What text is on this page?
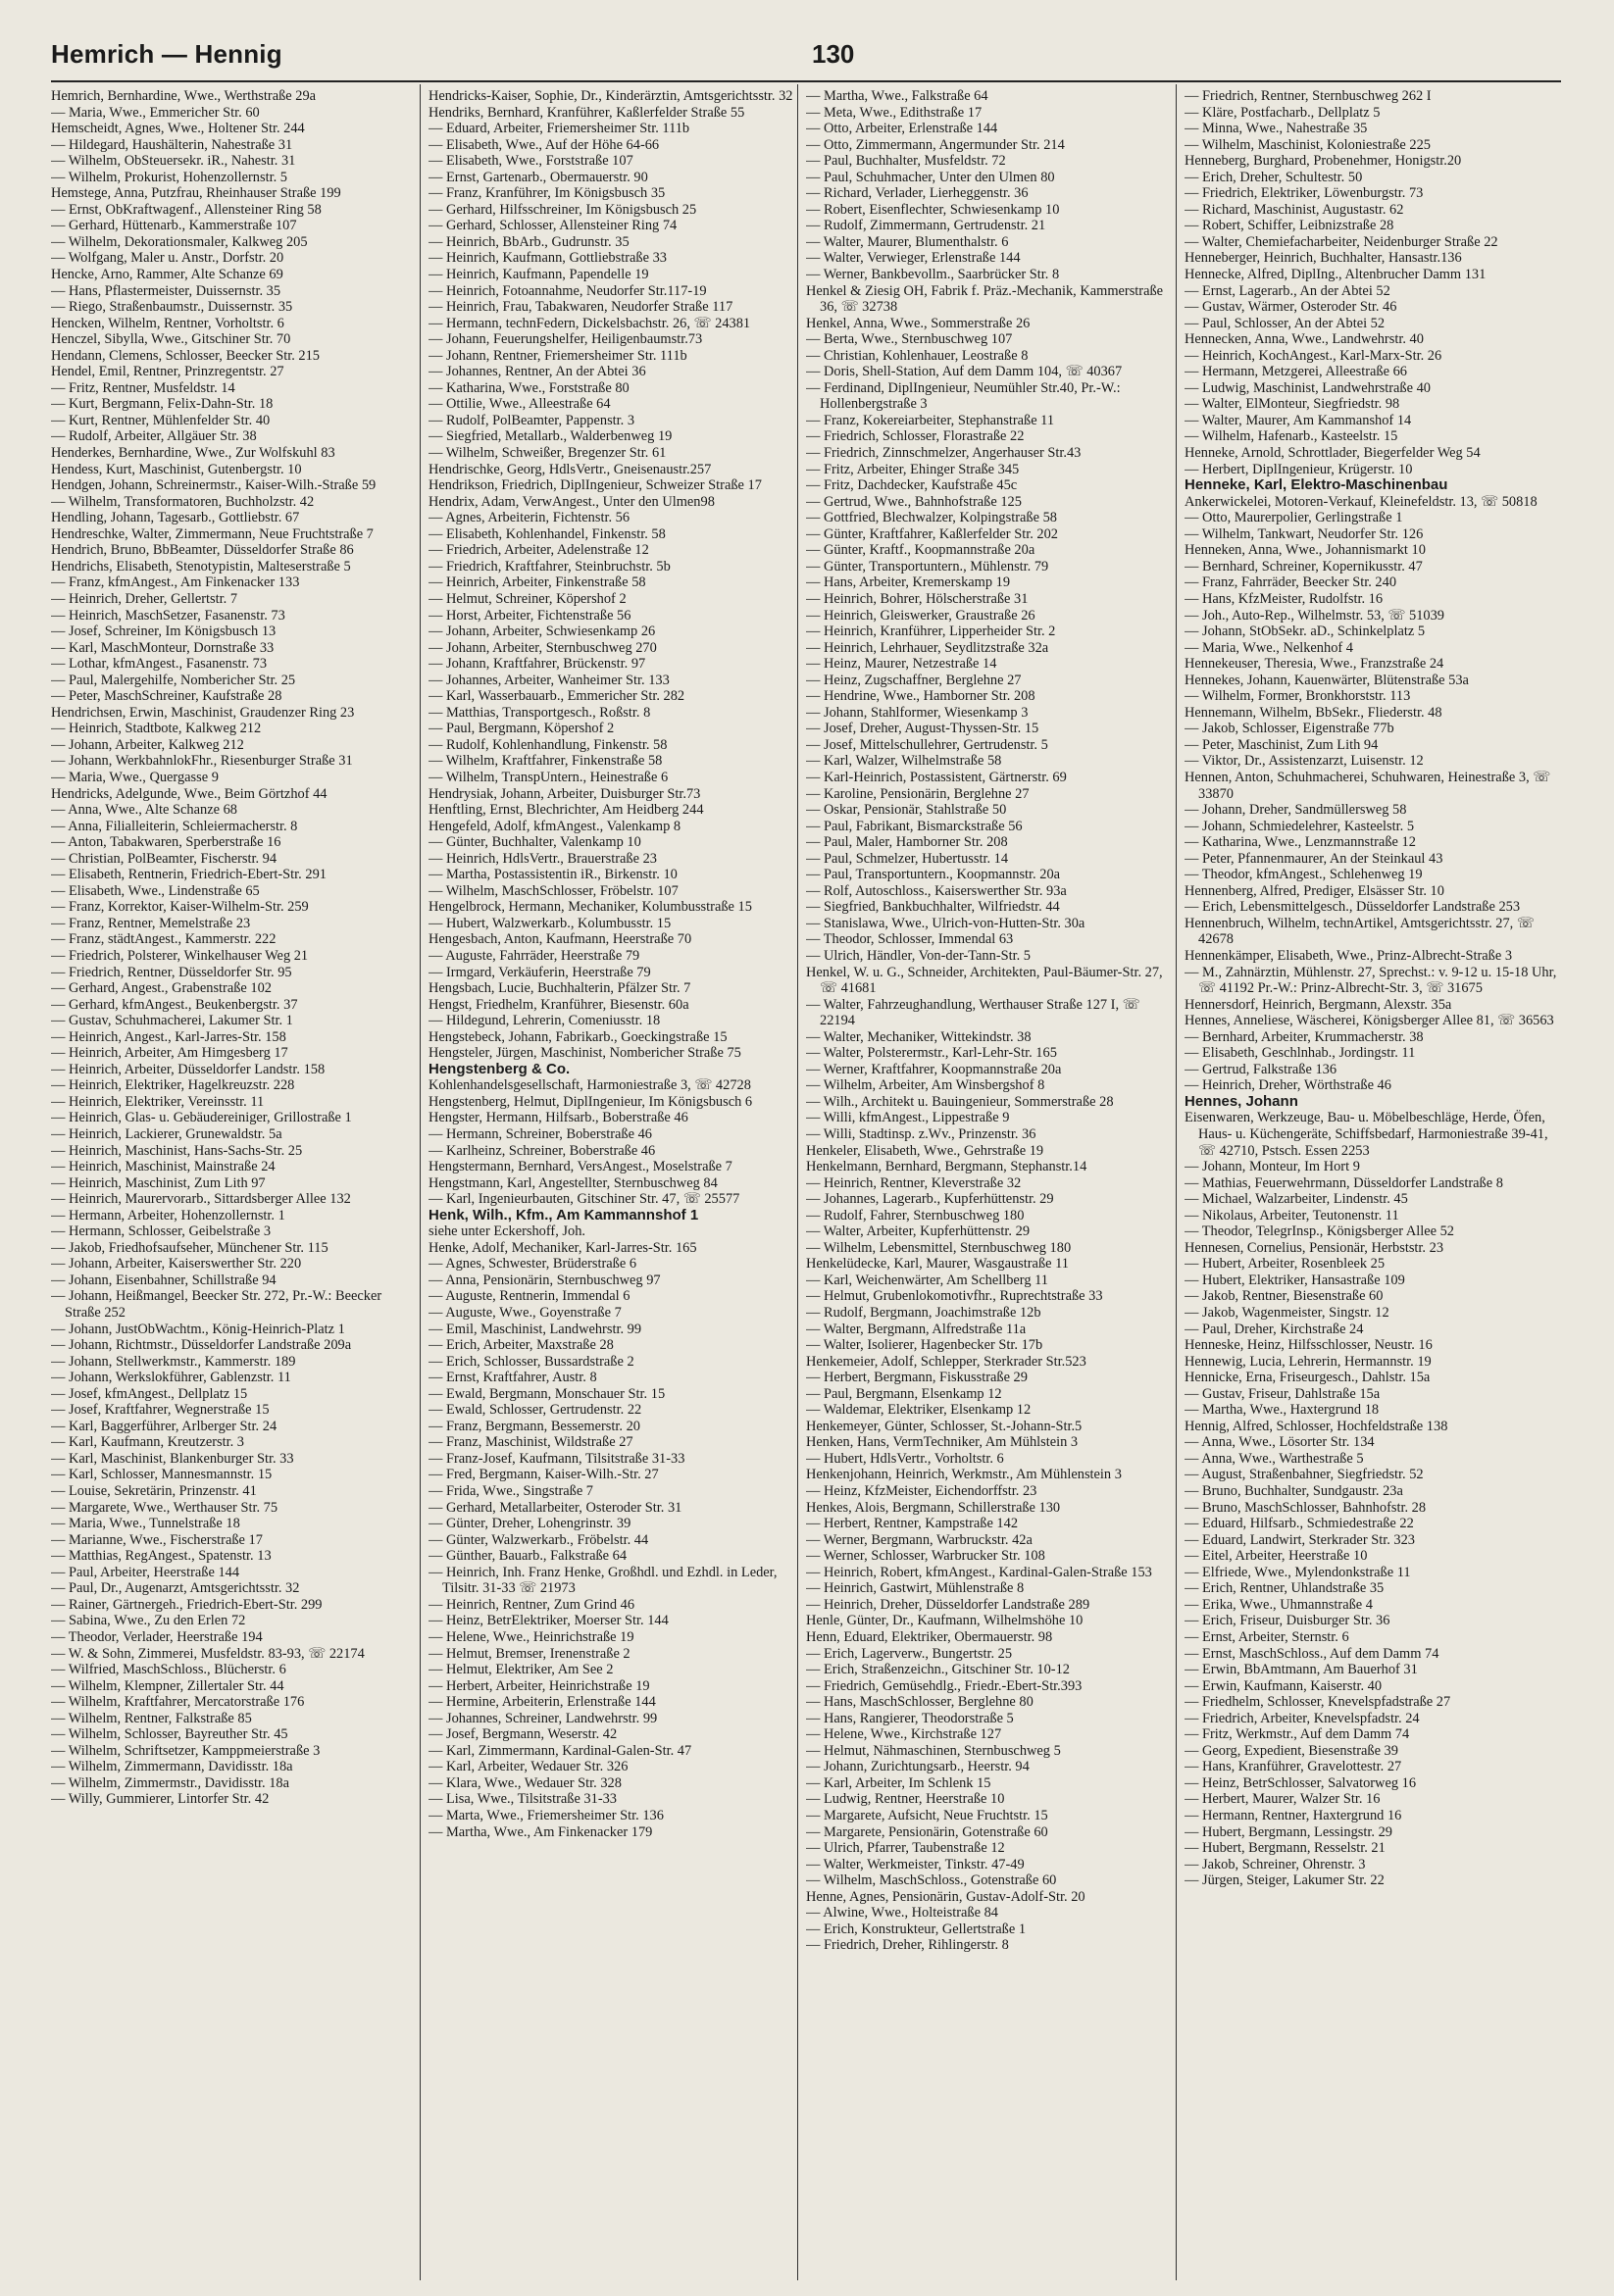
Hemrich — Hennig	130
Hemrich, Bernhardine, Wwe., Werthstraße 29a
— Maria, Wwe., Emmericher Str. 60
Hemscheidt, Agnes, Wwe., Holtener Str. 244
— Hildegard, Haushälterin, Nahestraße 31
— Wilhelm, ObSteuersekr. iR., Nahestr. 31
— Wilhelm, Prokurist, Hohenzollernstr. 5
Hemstege, Anna, Putzfrau, Rheinhauser Straße 199
— Ernst, ObKraftwagenf., Allensteiner Ring 58
— Gerhard, Hüttenarb., Kammerstraße 107
— Wilhelm, Dekorationsmaler, Kalkweg 205
— Wolfgang, Maler u. Anstr., Dorfstr. 20
Hencke, Arno, Rammer, Alte Schanze 69
— Hans, Pflastermeister, Duissernstr. 35
— Riego, Straßenbaumstr., Duissernstr. 35
Hencken, Wilhelm, Rentner, Vorholtstr. 6
Henczel, Sibylla, Wwe., Gitschiner Str. 70
Hendann, Clemens, Schlosser, Beecker Str. 215
Hendel, Emil, Rentner, Prinzregentstr. 27
— Fritz, Rentner, Musfeldstr. 14
— Kurt, Bergmann, Felix-Dahn-Str. 18
— Kurt, Rentner, Mühlenfelder Str. 40
— Rudolf, Arbeiter, Allgäuer Str. 38
Henderkes, Bernhardine, Wwe., Zur Wolfskuhl 83
Hendess, Kurt, Maschinist, Gutenbergstr. 10
Hendgen, Johann, Schreinermstr., Kaiser-Wilh.-Straße 59
— Wilhelm, Transformatoren, Buchholzstr. 42
Hendling, Johann, Tagesarb., Gottliebstr. 67
Hendreschke, Walter, Zimmermann, Neue Fruchtstraße 7
Hendrich, Bruno, BbBeamter, Düsseldorfer Straße 86
Hendrichs, Elisabeth, Stenotypistin, Malteserstraße 5
— Franz, kfmAngest., Am Finkenacker 133
— Heinrich, Dreher, Gellertstr. 7
— Heinrich, MaschSetzer, Fasanenstr. 73
— Josef, Schreiner, Im Königsbusch 13
— Karl, MaschMonteur, Dornstraße 33
— Lothar, kfmAngest., Fasanenstr. 73
— Paul, Malergehilfe, Nombericher Str. 25
— Peter, MaschSchreiner, Kaufstraße 28
Hendrichsen, Erwin, Maschinist, Graudenzer Ring 23
— Heinrich, Stadtbote, Kalkweg 212
— Johann, Arbeiter, Kalkweg 212
— Johann, WerkbahnlokFhr., Riesenburger Straße 31
— Maria, Wwe., Quergasse 9
Hendricks, Adelgunde, Wwe., Beim Görtzhof 44
— Anna, Wwe., Alte Schanze 68
— Anna, Filialleiterin, Schleiermacherstr. 8
— Anton, Tabakwaren, Sperberstraße 16
— Christian, PolBeamter, Fischerstr. 94
— Elisabeth, Rentnerin, Friedrich-Ebert-Str. 291
— Elisabeth, Wwe., Lindenstraße 65
— Franz, Korrektor, Kaiser-Wilhelm-Str. 259
— Franz, Rentner, Memelstraße 23
— Franz, städtAngest., Kammerstr. 222
— Friedrich, Polsterer, Winkelhauser Weg 21
— Friedrich, Rentner, Düsseldorfer Str. 95
— Gerhard, Angest., Grabenstraße 102
— Gerhard, kfmAngest., Beukenbergstr. 37
— Gustav, Schuhmacherei, Lakumer Str. 1
— Heinrich, Angest., Karl-Jarres-Str. 158
— Heinrich, Arbeiter, Am Himgesberg 17
— Heinrich, Arbeiter, Düsseldorfer Landstr. 158
— Heinrich, Elektriker, Hagelkreuzstr. 228
— Heinrich, Elektriker, Vereinsstr. 11
— Heinrich, Glas- u. Gebäudereiniger, Grillostraße 1
— Heinrich, Lackierer, Grunewaldstr. 5a
— Heinrich, Maschinist, Hans-Sachs-Str. 25
— Heinrich, Maschinist, Mainstraße 24
— Heinrich, Maschinist, Zum Lith 97
— Heinrich, Maurervorarb., Sittardsberger Allee 132
— Hermann, Arbeiter, Hohenzollernstr. 1
— Hermann, Schlosser, Geibelstraße 3
— Jakob, Friedhofsaufseher, Münchener Str. 115
— Johann, Arbeiter, Kaiserswerther Str. 220
— Johann, Eisenbahner, Schillstraße 94
— Johann, Heißmangel, Beecker Str. 272, Pr.-W.: Beecker Straße 252
— Johann, JustObWachtm., König-Heinrich-Platz 1
— Johann, Richtmstr., Düsseldorfer Landstraße 209a
— Johann, Stellwerkmstr., Kammerstr. 189
— Johann, Werkslokführer, Gablenzstr. 11
— Josef, kfmAngest., Dellplatz 15
— Josef, Kraftfahrer, Wegnerstraße 15
— Karl, Baggerführer, Arlberger Str. 24
— Karl, Kaufmann, Kreutzerstr. 3
— Karl, Maschinist, Blankenburger Str. 33
— Karl, Schlosser, Mannesmannstr. 15
— Louise, Sekretärin, Prinzenstr. 41
— Margarete, Wwe., Werthauser Str. 75
— Maria, Wwe., Tunnelstraße 18
— Marianne, Wwe., Fischerstraße 17
— Matthias, RegAngest., Spatenstr. 13
— Paul, Arbeiter, Heerstraße 144
— Paul, Dr., Augenarzt, Amtsgerichtsstr. 32
— Rainer, Gärtnergeh., Friedrich-Ebert-Str. 299
— Sabina, Wwe., Zu den Erlen 72
— Theodor, Verlader, Heerstraße 194
— W. & Sohn, Zimmerei, Musfeldstr. 83-93, ☏ 22174
— Wilfried, MaschSchloss., Blücherstr. 6
— Wilhelm, Klempner, Zillertaler Str. 44
— Wilhelm, Kraftfahrer, Mercatorstraße 176
— Wilhelm, Rentner, Falkstraße 85
— Wilhelm, Schlosser, Bayreuther Str. 45
— Wilhelm, Schriftsetzer, Kamppmeierstraße 3
— Wilhelm, Zimmermann, Davidisstr. 18a
— Wilhelm, Zimmermstr., Davidisstr. 18a
— Willy, Gummierer, Lintorfer Str. 42
Hendricks-Kaiser, Sophie, Dr., Kinderärztin, Amtsgerichtsstr. 32
Hendriks, Bernhard, Kranführer, Kaßlerfelder Straße 55
— Eduard, Arbeiter, Friemersheimer Str. 111b
— Elisabeth, Wwe., Auf der Höhe 64-66
— Elisabeth, Wwe., Forststraße 107
— Ernst, Gartenarb., Obermauerstr. 90
— Franz, Kranführer, Im Königsbusch 35
— Gerhard, Hilfsschreiner, Im Königsbusch 25
— Gerhard, Schlosser, Allensteiner Ring 74
— Heinrich, BbArb., Gudrunstr. 35
— Heinrich, Kaufmann, Gottliebstraße 33
— Heinrich, Kaufmann, Papendelle 19
— Heinrich, Fotoannahme, Neudorfer Str.117-19
— Heinrich, Frau, Tabakwaren, Neudorfer Straße 117
— Hermann, technFedern, Dickelsbachstr. 26, ☏ 24381
— Johann, Feuerungshelfer, Heiligenbaumstr.73
— Johann, Rentner, Friemersheimer Str. 111b
— Johannes, Rentner, An der Abtei 36
— Katharina, Wwe., Forststraße 80
— Ottilie, Wwe., Alleestraße 64
— Rudolf, PolBeamter, Pappenstr. 3
— Siegfried, Metallarb., Walderbenweg 19
— Wilhelm, Schweißer, Bregenzer Str. 61
Hendrischke, Georg, HdlsVertr., Gneisenaustr.257
Hendrikson, Friedrich, DiplIngenieur, Schweizer Straße 17
Hendrix, Adam, VerwAngest., Unter den Ulmen98
— Agnes, Arbeiterin, Fichtenstr. 56
— Elisabeth, Kohlenhandel, Finkenstr. 58
— Friedrich, Arbeiter, Adelenstraße 12
— Friedrich, Kraftfahrer, Steinbruchstr. 5b
— Heinrich, Arbeiter, Finkenstraße 58
— Helmut, Schreiner, Köpershof 2
— Horst, Arbeiter, Fichtenstraße 56
— Johann, Arbeiter, Schwiesenkamp 26
— Johann, Arbeiter, Sternbuschweg 270
— Johann, Kraftfahrer, Brückenstr. 97
— Johannes, Arbeiter, Wanheimer Str. 133
— Karl, Wasserbauarb., Emmericher Str. 282
— Matthias, Transportgesch., Roßstr. 8
— Paul, Bergmann, Köpershof 2
— Rudolf, Kohlenhandlung, Finkenstr. 58
— Wilhelm, Kraftfahrer, Finkenstraße 58
— Wilhelm, TranspUntern., Heinestraße 6
Hendrysiak, Johann, Arbeiter, Duisburger Str.73
Henftling, Ernst, Blechrichter, Am Heidberg 244
Hengefeld, Adolf, kfmAngest., Valenkamp 8
— Günter, Buchhalter, Valenkamp 10
— Heinrich, HdlsVertr., Brauerstraße 23
— Martha, Postassistentin iR., Birkenstr. 10
— Wilhelm, MaschSchlosser, Fröbelstr. 107
Hengelbrock, Hermann, Mechaniker, Kolumbusstraße 15
— Hubert, Walzwerkarb., Kolumbusstr. 15
Hengesbach, Anton, Kaufmann, Heerstraße 70
— Auguste, Fahrräder, Heerstraße 79
— Irmgard, Verkäuferin, Heerstraße 79
Hengsbach, Lucie, Buchhalterin, Pfälzer Str. 7
Hengst, Friedhelm, Kranführer, Biesenstr. 60a
— Hildegund, Lehrerin, Comeniusstr. 18
Hengstebeck, Johann, Fabrikarb., Goeckingstraße 15
Hengsteler, Jürgen, Maschinist, Nombericher Straße 75
Hengstenberg & Co.
Kohlenhandelsgesellschaft, Harmoniestraße 3, ☏ 42728
Hengstenberg, Helmut, DiplIngenieur, Im Königsbusch 6
Hengster, Hermann, Hilfsarb., Boberstraße 46
— Hermann, Schreiner, Boberstraße 46
— Karlheinz, Schreiner, Boberstraße 46
Hengstermann, Bernhard, VersAngest., Moselstraße 7
Hengstmann, Karl, Angestellter, Sternbuschweg 84
— Karl, Ingenieurbauten, Gitschiner Str. 47, ☏ 25577
Henk, Wilh., Kfm., Am Kammannshof 1
siehe unter Eckershoff, Joh.
Henke, Adolf, Mechaniker, Karl-Jarres-Str. 165
— Agnes, Schwester, Brüderstraße 6
— Anna, Pensionärin, Sternbuschweg 97
— Auguste, Rentnerin, Immendal 6
— Auguste, Wwe., Goyenstraße 7
— Emil, Maschinist, Landwehrstr. 99
— Erich, Arbeiter, Maxstraße 28
— Erich, Schlosser, Bussardstraße 2
— Ernst, Kraftfahrer, Austr. 8
— Ewald, Bergmann, Monschauer Str. 15
— Ewald, Schlosser, Gertrudenstr. 22
— Franz, Bergmann, Bessemerstr. 20
— Franz, Maschinist, Wildstraße 27
— Franz-Josef, Kaufmann, Tilsitstraße 31-33
— Fred, Bergmann, Kaiser-Wilh.-Str. 27
— Frida, Wwe., Singstraße 7
— Gerhard, Metallarbeiter, Osteroder Str. 31
— Günter, Dreher, Lohengrinstr. 39
— Günter, Walzwerkarb., Fröbelstr. 44
— Günther, Bauarb., Falkstraße 64
— Heinrich, Inh. Franz Henke, Großhdl. und Ezhdl. in Leder, Tilsitr. 31-33 ☏ 21973
— Heinrich, Rentner, Zum Grind 46
— Heinz, BetrElektriker, Moerser Str. 144
— Helene, Wwe., Heinrichstraße 19
— Helmut, Bremser, Irenenstraße 2
— Helmut, Elektriker, Am See 2
— Herbert, Arbeiter, Heinrichstraße 19
— Hermine, Arbeiterin, Erlenstraße 144
— Johannes, Schreiner, Landwehrstr. 99
— Josef, Bergmann, Weserstr. 42
— Karl, Zimmermann, Kardinal-Galen-Str. 47
— Karl, Arbeiter, Wedauer Str. 326
— Klara, Wwe., Wedauer Str. 328
— Lisa, Wwe., Tilsitstraße 31-33
— Marta, Wwe., Friemersheimer Str. 136
— Martha, Wwe., Am Finkenacker 179
— Martha, Wwe., Falkstraße 64
— Meta, Wwe., Edithstraße 17
— Otto, Arbeiter, Erlenstraße 144
— Otto, Zimmermann, Angermunder Str. 214
— Paul, Buchhalter, Musfeldstr. 72
— Paul, Schuhmacher, Unter den Ulmen 80
— Richard, Verlader, Lierheggenstr. 36
— Robert, Eisenflechter, Schwiesenkamp 10
— Rudolf, Zimmermann, Gertrudenstr. 21
— Walter, Maurer, Blumenthalstr. 6
— Walter, Verwieger, Erlenstraße 144
— Werner, Bankbevollm., Saarbrücker Str. 8
Henkel & Ziesig OH, Fabrik f. Präz.-Mechanik, Kammerstraße 36, ☏ 32738
Henkel, Anna, Wwe., Sommerstraße 26
— Berta, Wwe., Sternbuschweg 107
— Christian, Kohlenhauer, Leostraße 8
— Doris, Shell-Station, Auf dem Damm 104, ☏ 40367
— Ferdinand, DiplIngenieur, Neumühler Str.40, Pr.-W.: Hollenbergstraße 3
— Franz, Kokereiarbeiter, Stephanstraße 11
— Friedrich, Schlosser, Florastraße 22
— Friedrich, Zinnschmelzer, Angerhauser Str.43
— Fritz, Arbeiter, Ehinger Straße 345
— Fritz, Dachdecker, Kaufstraße 45c
— Gertrud, Wwe., Bahnhofstraße 125
— Gottfried, Blechwalzer, Kolpingstraße 58
— Günter, Kraftfahrer, Kaßlerfelder Str. 202
— Günter, Kraftf., Koopmannstraße 20a
— Günter, Transportuntern., Mühlenstr. 79
— Hans, Arbeiter, Kremerskamp 19
— Heinrich, Bohrer, Hölscherstraße 31
— Heinrich, Gleiswerker, Graustraße 26
— Heinrich, Kranführer, Lipperheider Str. 2
— Heinrich, Lehrhauer, Seydlitzstraße 32a
— Heinz, Maurer, Netzestraße 14
— Heinz, Zugschaffner, Berglehne 27
— Hendrine, Wwe., Hamborner Str. 208
— Johann, Stahlformer, Wiesenkamp 3
— Josef, Dreher, August-Thyssen-Str. 15
— Josef, Mittelschullehrer, Gertrudenstr. 5
— Karl, Walzer, Wilhelmstraße 58
— Karl-Heinrich, Postassistent, Gärtnerstr. 69
— Karoline, Pensionärin, Berglehne 27
— Oskar, Pensionär, Stahlstraße 50
— Paul, Fabrikant, Bismarckstraße 56
— Paul, Maler, Hamborner Str. 208
— Paul, Schmelzer, Hubertusstr. 14
— Paul, Transportuntern., Koopmannstr. 20a
— Rolf, Autoschloss., Kaiserswerther Str. 93a
— Siegfried, Bankbuchhalter, Wilfriedstr. 44
— Stanislawa, Wwe., Ulrich-von-Hutten-Str. 30a
— Theodor, Schlosser, Immendal 63
— Ulrich, Händler, Von-der-Tann-Str. 5
Henkel, W. u. G., Schneider, Architekten, Paul-Bäumer-Str. 27, ☏ 41681
— Walter, Fahrzeughandlung, Werthauser Straße 127 I, ☏ 22194
— Walter, Mechaniker, Wittekindstr. 38
— Walter, Polsterermstr., Karl-Lehr-Str. 165
— Werner, Kraftfahrer, Koopmannstraße 20a
— Wilhelm, Arbeiter, Am Winsbergshof 8
— Wilh., Architekt u. Bauingenieur, Sommerstraße 28
— Willi, kfmAngest., Lippestraße 9
— Willi, Stadtinsp. z.Wv., Prinzenstr. 36
Henkeler, Elisabeth, Wwe., Gehrstraße 19
Henkelmann, Bernhard, Bergmann, Stephanstr.14
— Heinrich, Rentner, Kleverstraße 32
— Johannes, Lagerarb., Kupferhüttenstr. 29
— Rudolf, Fahrer, Sternbuschweg 180
— Walter, Arbeiter, Kupferhüttenstr. 29
— Wilhelm, Lebensmittel, Sternbuschweg 180
Henkelüdecke, Karl, Maurer, Wasgaustraße 11
— Karl, Weichenwärter, Am Schellberg 11
— Helmut, Grubenlokomotivfhr., Ruprechtstraße 33
— Rudolf, Bergmann, Joachimstraße 12b
— Walter, Bergmann, Alfredstraße 11a
— Walter, Isolierer, Hagenbecker Str. 17b
Henkemeier, Adolf, Schlepper, Sterkrader Str.523
— Herbert, Bergmann, Fiskusstraße 29
— Paul, Bergmann, Elsenkamp 12
— Waldemar, Elektriker, Elsenkamp 12
Henkemeyer, Günter, Schlosser, St.-Johann-Str.5
Henken, Hans, VermTechniker, Am Mühlstein 3
— Hubert, HdlsVertr., Vorholtstr. 6
Henkenjohann, Heinrich, Werkmstr., Am Mühlenstein 3
— Heinz, KfzMeister, Eichendorffstr. 23
Henkes, Alois, Bergmann, Schillerstraße 130
— Herbert, Rentner, Kampstraße 142
— Werner, Bergmann, Warbruckstr. 42a
— Werner, Schlosser, Warbrucker Str. 108
— Heinrich, Robert, kfmAngest., Kardinal-Galen-Straße 153
— Heinrich, Gastwirt, Mühlenstraße 8
— Heinrich, Dreher, Düsseldorfer Landstraße 289
Henle, Günter, Dr., Kaufmann, Wilhelmshöhe 10
Henn, Eduard, Elektriker, Obermauerstr. 98
— Erich, Lagerverw., Bungertstr. 25
— Erich, Straßenzeichn., Gitschiner Str. 10-12
— Friedrich, Gemüsehdlg., Friedr.-Ebert-Str.393
— Hans, MaschSchlosser, Berglehne 80
— Hans, Rangierer, Theodorstraße 5
— Helene, Wwe., Kirchstraße 127
— Helmut, Nähmaschinen, Sternbuschweg 5
— Johann, Zurichtungsarb., Heerstr. 94
— Karl, Arbeiter, Im Schlenk 15
— Ludwig, Rentner, Heerstraße 10
— Margarete, Aufsicht, Neue Fruchtstr. 15
— Margarete, Pensionärin, Gotenstraße 60
— Ulrich, Pfarrer, Taubenstraße 12
— Walter, Werkmeister, Tinkstr. 47-49
— Wilhelm, MaschSchloss., Gotenstraße 60
Henne, Agnes, Pensionärin, Gustav-Adolf-Str. 20
— Alwine, Wwe., Holteistraße 84
— Erich, Konstrukteur, Gellertstraße 1
— Friedrich, Dreher, Rihlingerstr. 8
— Friedrich, Rentner, Sternbuschweg 262 I
— Kläre, Postfacharb., Dellplatz 5
— Minna, Wwe., Nahestraße 35
— Wilhelm, Maschinist, Koloniestraße 225
Henneberg, Burghard, Probenehmer, Honigstr.20
— Erich, Dreher, Schultestr. 50
— Friedrich, Elektriker, Löwenburgstr. 73
— Richard, Maschinist, Augustastr. 62
— Robert, Schiffer, Leibnizstraße 28
— Walter, Chemiefacharbeiter, Neidenburger Straße 22
Henneberger, Heinrich, Buchhalter, Hansastr.136
Hennecke, Alfred, DiplIng., Altenbrucher Damm 131
— Ernst, Lagerarb., An der Abtei 52
— Gustav, Wärmer, Osteroder Str. 46
— Paul, Schlosser, An der Abtei 52
Hennecken, Anna, Wwe., Landwehrstr. 40
— Heinrich, KochAngest., Karl-Marx-Str. 26
— Hermann, Metzgerei, Alleestraße 66
— Ludwig, Maschinist, Landwehrstraße 40
— Walter, ElMonteur, Siegfriedstr. 98
— Walter, Maurer, Am Kammanshof 14
— Wilhelm, Hafenarb., Kasteelstr. 15
Henneke, Arnold, Schrottlader, Biegerfelder Weg 54
— Herbert, DiplIngenieur, Krügerstr. 10
Henneke, Karl, Elektro-Maschinenbau
Ankerwickelei, Motoren-Verkauf, Kleinefeldstr. 13, ☏ 50818
— Otto, Maurerpolier, Gerlingstraße 1
— Wilhelm, Tankwart, Neudorfer Str. 126
Henneken, Anna, Wwe., Johannismarkt 10
— Bernhard, Schreiner, Kopernikusstr. 47
— Franz, Fahrräder, Beecker Str. 240
— Hans, KfzMeister, Rudolfstr. 16
— Joh., Auto-Rep., Wilhelmstr. 53, ☏ 51039
— Johann, StObSekr. aD., Schinkelplatz 5
— Maria, Wwe., Nelkenhof 4
Hennekeuser, Theresia, Wwe., Franzstraße 24
Hennekes, Johann, Kauenwärter, Blütenstraße 53a
— Wilhelm, Former, Bronkhorststr. 113
Hennemann, Wilhelm, BbSekr., Fliederstr. 48
— Jakob, Schlosser, Eigenstraße 77b
— Peter, Maschinist, Zum Lith 94
— Viktor, Dr., Assistenzarzt, Luisenstr. 12
Hennen, Anton, Schuhmacherei, Schuhwaren, Heinestraße 3, ☏ 33870
— Johann, Dreher, Sandmüllersweg 58
— Johann, Schmiedelehrer, Kasteelstr. 5
— Katharina, Wwe., Lenzmannstraße 12
— Peter, Pfannenmaurer, An der Steinkaul 43
— Theodor, kfmAngest., Schlehenweg 19
Hennenberg, Alfred, Prediger, Elsässer Str. 10
— Erich, Lebensmittelgesch., Düsseldorfer Landstraße 253
Hennenbruch, Wilhelm, technArtikel, Amtsgerichtsstr. 27, ☏ 42678
Hennenkämper, Elisabeth, Wwe., Prinz-Albrecht-Straße 3
— M., Zahnärztin, Mühlenstr. 27, Sprechst.: v. 9-12 u. 15-18 Uhr, ☏ 41192 Pr.-W.: Prinz-Albrecht-Str. 3, ☏ 31675
Hennersdorf, Heinrich, Bergmann, Alexstr. 35a
Hennes, Anneliese, Wäscherei, Königsberger Allee 81, ☏ 36563
— Bernhard, Arbeiter, Krummacherstr. 38
— Elisabeth, Geschlnhab., Jordingstr. 11
— Gertrud, Falkstraße 136
— Heinrich, Dreher, Wörthstraße 46
Hennes, Johann
Eisenwaren, Werkzeuge, Bau- u. Möbelbeschläge, Herde, Öfen, Haus- u. Küchengeräte, Schiffsbedarf, Harmoniestraße 39-41, ☏ 42710, Pstsch. Essen 2253
— Johann, Monteur, Im Hort 9
— Mathias, Feuerwehrmann, Düsseldorfer Landstraße 8
— Michael, Walzarbeiter, Lindenstr. 45
— Nikolaus, Arbeiter, Teutonenstr. 11
— Theodor, TelegrInsp., Königsberger Allee 52
Hennesen, Cornelius, Pensionär, Herbststr. 23
— Hubert, Arbeiter, Rosenbleek 25
— Hubert, Elektriker, Hansastraße 109
— Jakob, Rentner, Biesenstraße 60
— Jakob, Wagenmeister, Singstr. 12
— Paul, Dreher, Kirchstraße 24
Henneske, Heinz, Hilfsschlosser, Neustr. 16
Hennewig, Lucia, Lehrerin, Hermannstr. 19
Hennicke, Erna, Friseurgesch., Dahlstr. 15a
— Gustav, Friseur, Dahlstraße 15a
— Martha, Wwe., Haxtergrund 18
Hennig, Alfred, Schlosser, Hochfeldstraße 138
— Anna, Wwe., Lösorter Str. 134
— Anna, Wwe., Warthestraße 5
— August, Straßenbahner, Siegfriedstr. 52
— Bruno, Buchhalter, Sundgaustr. 23a
— Bruno, MaschSchlosser, Bahnhofstr. 28
— Eduard, Hilfsarb., Schmiedestraße 22
— Eduard, Landwirt, Sterkrader Str. 323
— Eitel, Arbeiter, Heerstraße 10
— Elfriede, Wwe., Mylendonkstraße 11
— Erich, Rentner, Uhlandstraße 35
— Erika, Wwe., Uhmannstraße 4
— Erich, Friseur, Duisburger Str. 36
— Ernst, Arbeiter, Sternstr. 6
— Ernst, MaschSchloss., Auf dem Damm 74
— Erwin, BbAmtmann, Am Bauerhof 31
— Erwin, Kaufmann, Kaiserstr. 40
— Friedhelm, Schlosser, Knevelspfadstraße 27
— Friedrich, Arbeiter, Knevelspfadstr. 24
— Fritz, Werkmstr., Auf dem Damm 74
— Georg, Expedient, Biesenstraße 39
— Hans, Kranführer, Gravelottestr. 27
— Heinz, BetrSchlosser, Salvatorweg 16
— Herbert, Maurer, Walzer Str. 16
— Hermann, Rentner, Haxtergrund 16
— Hubert, Bergmann, Lessingstr. 29
— Hubert, Bergmann, Resselstr. 21
— Jakob, Schreiner, Ohrenstr. 3
— Jürgen, Steiger, Lakumer Str. 22
